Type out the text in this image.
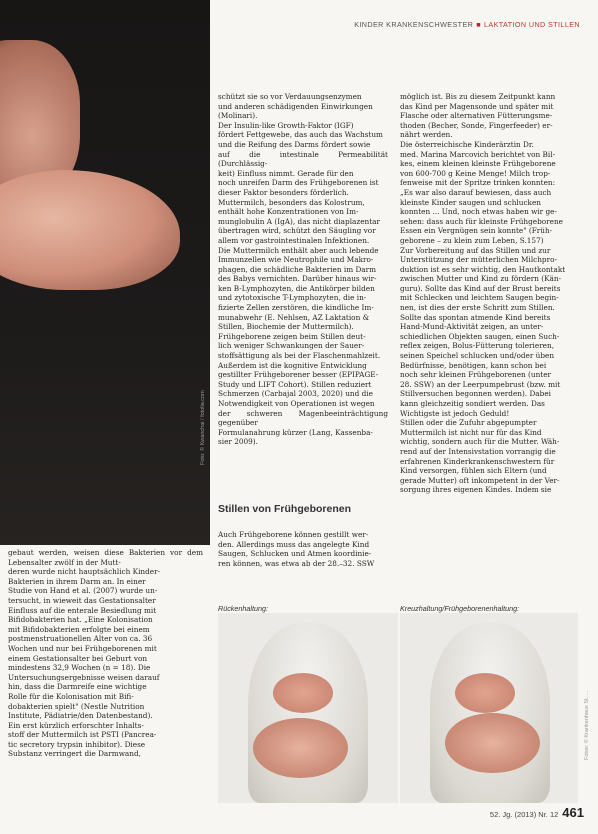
KINDER KRANKENSCHWESTER ■ LAKTATION UND STILLEN
Foto: © Kwanchai / fotolia.com
gebaut werden, weisen diese Bakterien vor dem Lebensalter zwölf in der Mutt-
deren wurde nicht hauptsächlich Kinder-
Bakterien in ihrem Darm an. In einer
Studie von Hand et al. (2007) wurde un-
tersucht, in wieweit das Gestationsalter
Einfluss auf die enterale Besiedlung mit
Bifidobakterien hat. „Eine Kolonisation
mit Bifidobakterien erfolgte bei einem
postmenstruationellen Alter von ca. 36
Wochen und nur bei Frühgeborenen mit
einem Gestationsalter bei Geburt von
mindestens 32,9 Wochen (n = 18). Die
Untersuchungsergebnisse weisen darauf
hin, dass die Darmreife eine wichtige
Rolle für die Kolonisation mit Bifi-
dobakterien spielt" (Nestle Nutrition
Institute, Pädiatrie/den Datenbestand).
Ein erst kürzlich erforschter Inhalts-
stoff der Muttermilch ist PSTI (Pancrea-
tic secretory trypsin inhibitor). Diese
Substanz verringert die Darmwand,
schützt sie so vor Verdauungsenzymen
und anderen schädigenden Einwirkungen
(Molinari).
Der Insulin-like Growth-Faktor (IGF)
fördert Fettgewebe, das auch das Wachstum
und die Reifung des Darms fördert sowie
auf die intestinale Permeabilität (Durchlässig-
keit) Einfluss nimmt. Gerade für den
noch unreifen Darm des Frühgeborenen ist
dieser Faktor besonders förderlich.
Muttermilch, besonders das Kolostrum,
enthält hohe Konzentrationen von Im-
munglobulin A (IgA), das nicht diaplazentar
übertragen wird, schützt den Säugling vor
allem vor gastrointestinalen Infektionen.
Die Muttermilch enthält aber auch lebende
Immunzellen wie Neutrophile und Makro-
phagen, die schädliche Bakterien im Darm
des Babys vernichten. Darüber hinaus wir-
ken B-Lymphozyten, die Antikörper bilden
und zytotoxische T-Lymphozyten, die in-
fizierte Zellen zerstören, die kindliche Im-
munabwehr (E. Nehlsen, AZ Laktation &
Stillen, Biochemie der Muttermilch).
Frühgeborene zeigen beim Stillen deut-
lich weniger Schwankungen der Sauer-
stoffsättigung als bei der Flaschenmahlzeit.
Außerdem ist die kognitive Entwicklung
gestillter Frühgeborener besser (EPIPAGE-
Study und LIFT Cohort). Stillen reduziert
Schmerzen (Carbajal 2003, 2020) und die
Notwendigkeit von Operationen ist wegen
der schweren Magenbeeinträchtigung gegenüber
Formulanahrung kürzer (Lang, Kassenba-
sier 2009).
Stillen von Frühgeborenen
Auch Frühgeborene können gestillt wer-
den. Allerdings muss das angelegte Kind
Saugen, Schlucken und Atmen koordinie-
ren können, was etwa ab der 28.–32. SSW
möglich ist. Bis zu diesem Zeitpunkt kann
das Kind per Magensonde und später mit
Flasche oder alternativen Fütterungsme-
thoden (Becher, Sonde, Fingerfeeder) er-
nährt werden.
Die österreichische Kinderärztin Dr.
med. Marina Marcovich berichtet von Bil-
kes, einem kleinen kleinste Frühgeborene
von 600-700 g Keine Menge! Milch trop-
fenweise mit der Spritze trinken konnten:
„Es war also darauf bewiesen, dass auch
kleinste Kinder saugen und schlucken
konnten ... Und, noch etwas haben wir ge-
sehen: dass auch für kleinste Frühgeborene
Essen ein Vergnügen sein konnte" (Früh-
geborene – zu klein zum Leben, S.157)
Zur Vorbereitung auf das Stillen und zur
Unterstützung der mütterlichen Milchpro-
duktion ist es sehr wichtig, den Hautkontakt
zwischen Mutter und Kind zu fördern (Kän-
guru). Sollte das Kind auf der Brust bereits
mit Schlecken und leichtem Saugen begin-
nen, ist dies der erste Schritt zum Stillen.
Sollte das spontan atmende Kind bereits
Hand-Mund-Aktivität zeigen, an unter-
schiedlichen Objekten saugen, einen Such-
reflex zeigen, Bolus-Fütterung tolerieren,
seinen Speichel schlucken und/oder üben
Bedürfnisse, benötigen, kann schon bei
noch sehr kleinen Frühgeborenen (unter
28. SSW) an der Leerpumpebrust (bzw. mit
Stillversuchen begonnen werden). Dabei
kann gleichzeitig sondiert werden. Das
Wichtigste ist jedoch Geduld!
Stillen oder die Zufuhr abgepumpter
Muttermilch ist nicht nur für das Kind
wichtig, sondern auch für die Mutter. Wäh-
rend auf der Intensivstation vorrangig die
erfahrenen Kinderkrankenschwestern für
Kind versorgen, fühlen sich Eltern (und
gerade Mutter) oft inkompetent in der Ver-
sorgung ihres eigenen Kindes. Indem sie
Rückenhaltung:	Kreuzhaltung/Frühgeborenenhaltung:
Fotos: © Krankenhaus St. ...
52. Jg. (2013) Nr. 12 461
